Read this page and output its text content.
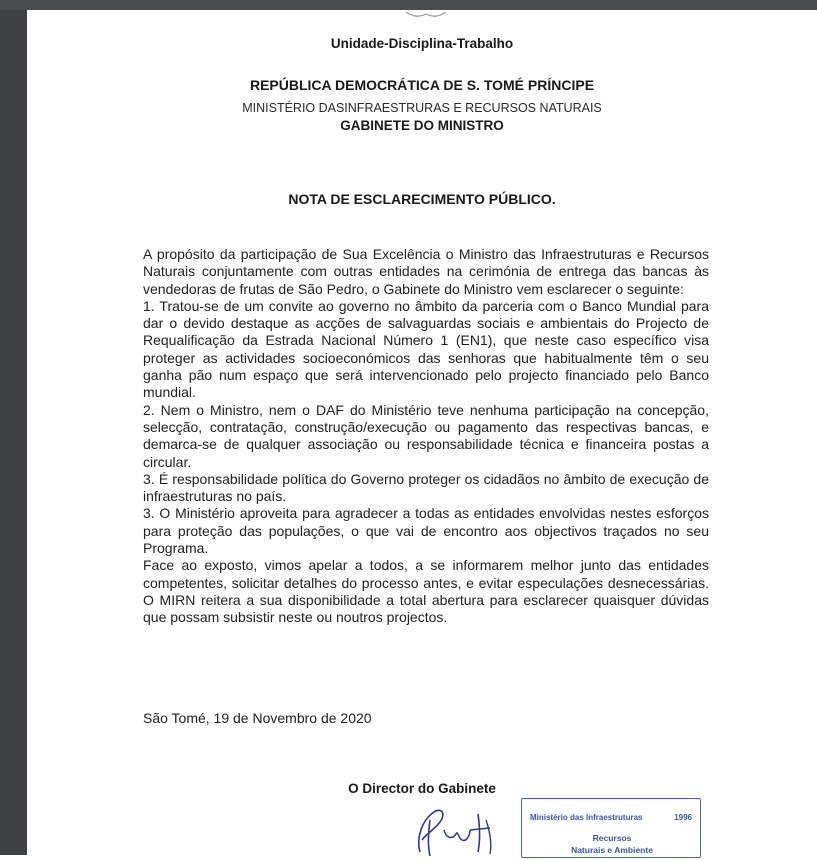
Unidade-Disciplina-Trabalho
REPÚBLICA DEMOCRÁTICA DE S. TOMÉ PRÍNCIPE
MINISTÉRIO DASINFRAESTRURAS E RECURSOS NATURAIS
GABINETE DO MINISTRO
NOTA DE ESCLARECIMENTO PÚBLICO.

A propósito da participação de Sua Excelência o Ministro das Infraestruturas e Recursos Naturais conjuntamente com outras entidades na cerimónia de entrega das bancas às vendedoras de frutas de São Pedro, o Gabinete do Ministro vem esclarecer o seguinte:

1. Tratou-se de um convite ao governo no âmbito da parceria com o Banco Mundial para dar o devido destaque as acções de salvaguardas sociais e ambientais do Projecto de Requalificação da Estrada Nacional Número 1 (EN1), que neste caso específico visa proteger as actividades socioeconómicos das senhoras que habitualmente têm o seu ganha pão num espaço que será intervencionado pelo projecto financiado pelo Banco mundial.

2. Nem o Ministro, nem o DAF do Ministério teve nenhuma participação na concepção, selecção, contratação, construção/execução ou pagamento das respectivas bancas, e demarca-se de qualquer associação ou responsabilidade técnica e financeira postas a circular.

3. É responsabilidade política do Governo proteger os cidadãos no âmbito de execução de infraestruturas no país.

3. O Ministério aproveita para agradecer a todas as entidades envolvidas nestes esforços para proteção das populações, o que vai de encontro aos objectivos traçados no seu Programa.

Face ao exposto, vimos apelar a todos, a se informarem melhor junto das entidades competentes, solicitar detalhes do processo antes, e evitar especulações desnecessárias. O MIRN reitera a sua disponibilidade a total abertura para esclarecer quaisquer dúvidas que possam subsistir neste ou noutros projectos.

São Tomé, 19 de Novembro de 2020
O Director do Gabinete
Ministério das Infraestruturas	1996
Recursos
Naturais e Ambiente
